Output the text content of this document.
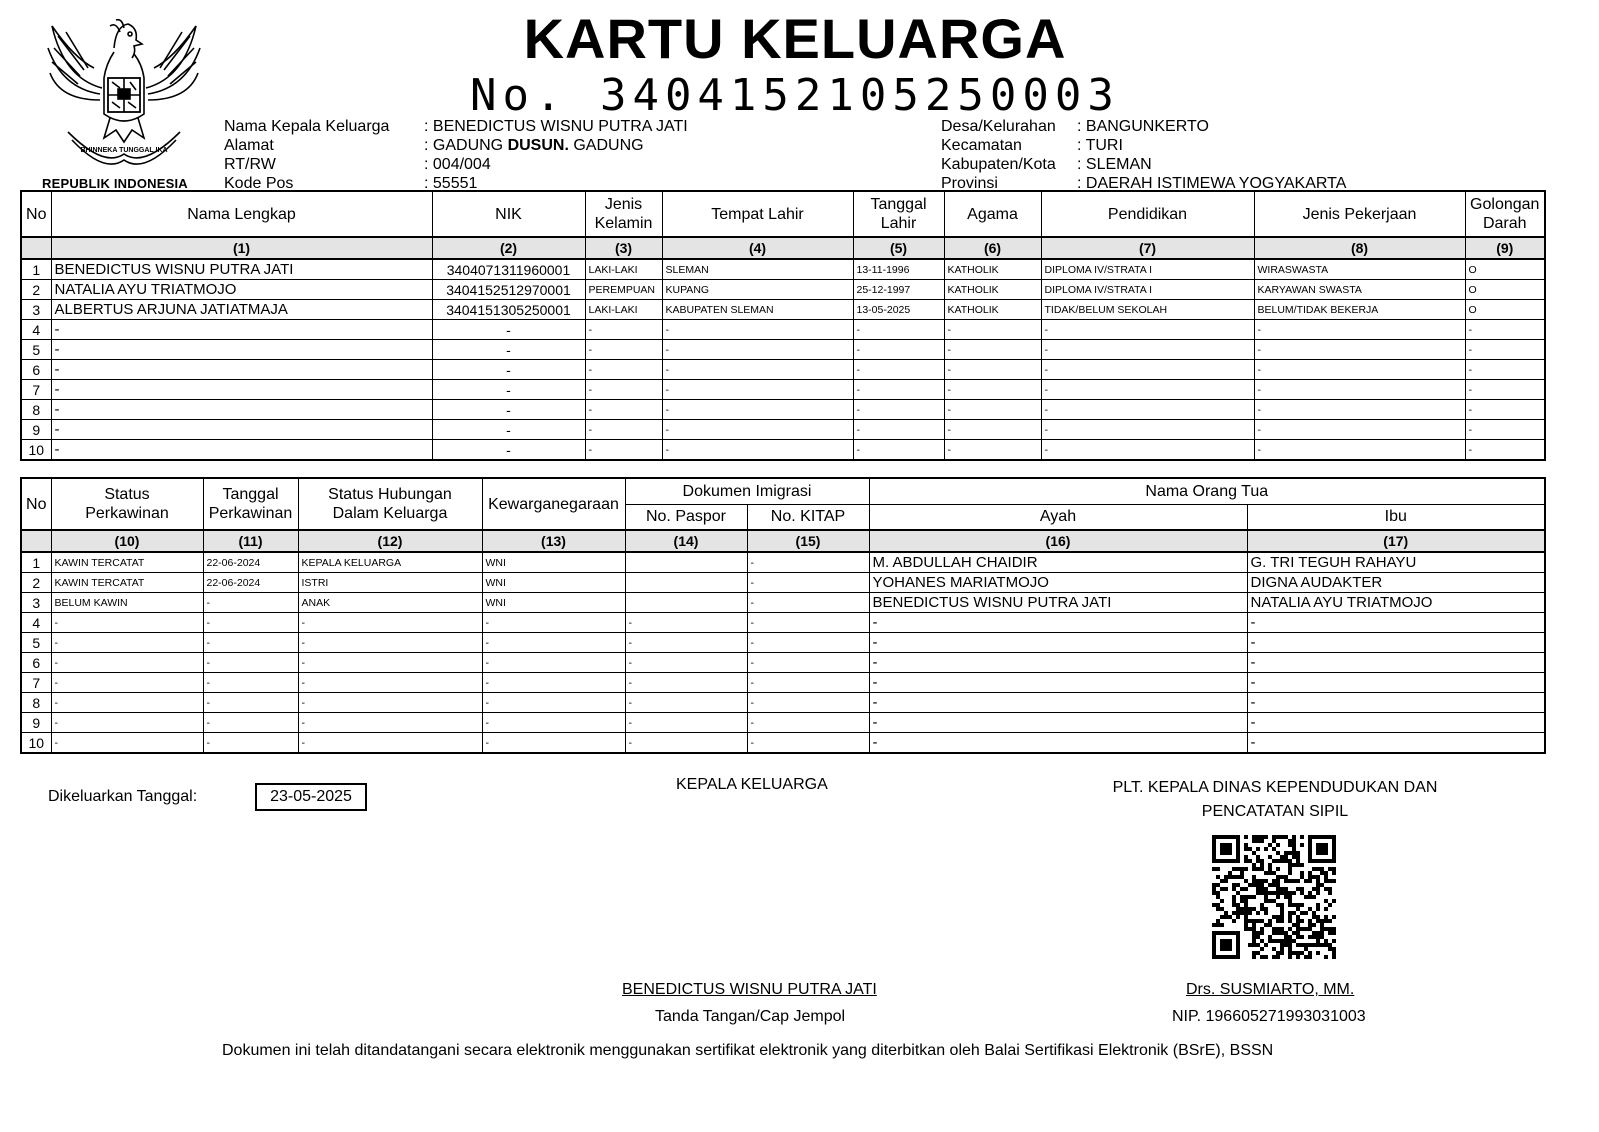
BHINNEKA TUNGGAL IKA
REPUBLIK INDONESIA
KARTU KELUARGA
No. 3404152105250003
Nama Kepala Keluarga	: BENEDICTUS WISNU PUTRA JATI
Alamat	: GADUNG DUSUN. GADUNG
RT/RW	: 004/004
Kode Pos	: 55551
Desa/Kelurahan	: BANGUNKERTO
Kecamatan	: TURI
Kabupaten/Kota	: SLEMAN
Provinsi	: DAERAH ISTIMEWA YOGYAKARTA
No	Nama Lengkap	NIK	Jenis Kelamin	Tempat Lahir	Tanggal Lahir	Agama	Pendidikan	Jenis Pekerjaan	Golongan Darah
	(1)	(2)	(3)	(4)	(5)	(6)	(7)	(8)	(9)
1	BENEDICTUS WISNU PUTRA JATI	3404071311960001	LAKI-LAKI	SLEMAN	13-11-1996	KATHOLIK	DIPLOMA IV/STRATA I	WIRASWASTA	O
2	NATALIA AYU TRIATMOJO	3404152512970001	PEREMPUAN	KUPANG	25-12-1997	KATHOLIK	DIPLOMA IV/STRATA I	KARYAWAN SWASTA	O
3	ALBERTUS ARJUNA JATIATMAJA	3404151305250001	LAKI-LAKI	KABUPATEN SLEMAN	13-05-2025	KATHOLIK	TIDAK/BELUM SEKOLAH	BELUM/TIDAK BEKERJA	O
4	-	-	-	-	-	-	-	-	-
5	-	-	-	-	-	-	-	-	-
6	-	-	-	-	-	-	-	-	-
7	-	-	-	-	-	-	-	-	-
8	-	-	-	-	-	-	-	-	-
9	-	-	-	-	-	-	-	-	-
10	-	-	-	-	-	-	-	-	-
No	Status Perkawinan	Tanggal Perkawinan	Status Hubungan Dalam Keluarga	Kewarganegaraan	Dokumen Imigrasi		Nama Orang Tua	
					No. Paspor	No. KITAP	Ayah	Ibu
	(10)	(11)	(12)	(13)	(14)	(15)	(16)	(17)
1	KAWIN TERCATAT	22-06-2024	KEPALA KELUARGA	WNI		-	M. ABDULLAH CHAIDIR	G. TRI TEGUH RAHAYU
2	KAWIN TERCATAT	22-06-2024	ISTRI	WNI		-	YOHANES MARIATMOJO	DIGNA AUDAKTER
3	BELUM KAWIN	-	ANAK	WNI		-	BENEDICTUS WISNU PUTRA JATI	NATALIA AYU TRIATMOJO
4	-	-	-	-	-	-	-	-
5	-	-	-	-	-	-	-	-
6	-	-	-	-	-	-	-	-
7	-	-	-	-	-	-	-	-
8	-	-	-	-	-	-	-	-
9	-	-	-	-	-	-	-	-
10	-	-	-	-	-	-	-	-
Dikeluarkan Tanggal:	23-05-2025
KEPALA KELUARGA	PLT. KEPALA DINAS KEPENDUDUKAN DAN
PENCATATAN SIPIL
BENEDICTUS WISNU PUTRA JATI
Tanda Tangan/Cap Jempol
Drs. SUSMIARTO, MM.
NIP. 196605271993031003
Dokumen ini telah ditandatangani secara elektronik menggunakan sertifikat elektronik yang diterbitkan oleh Balai Sertifikasi Elektronik (BSrE), BSSN
